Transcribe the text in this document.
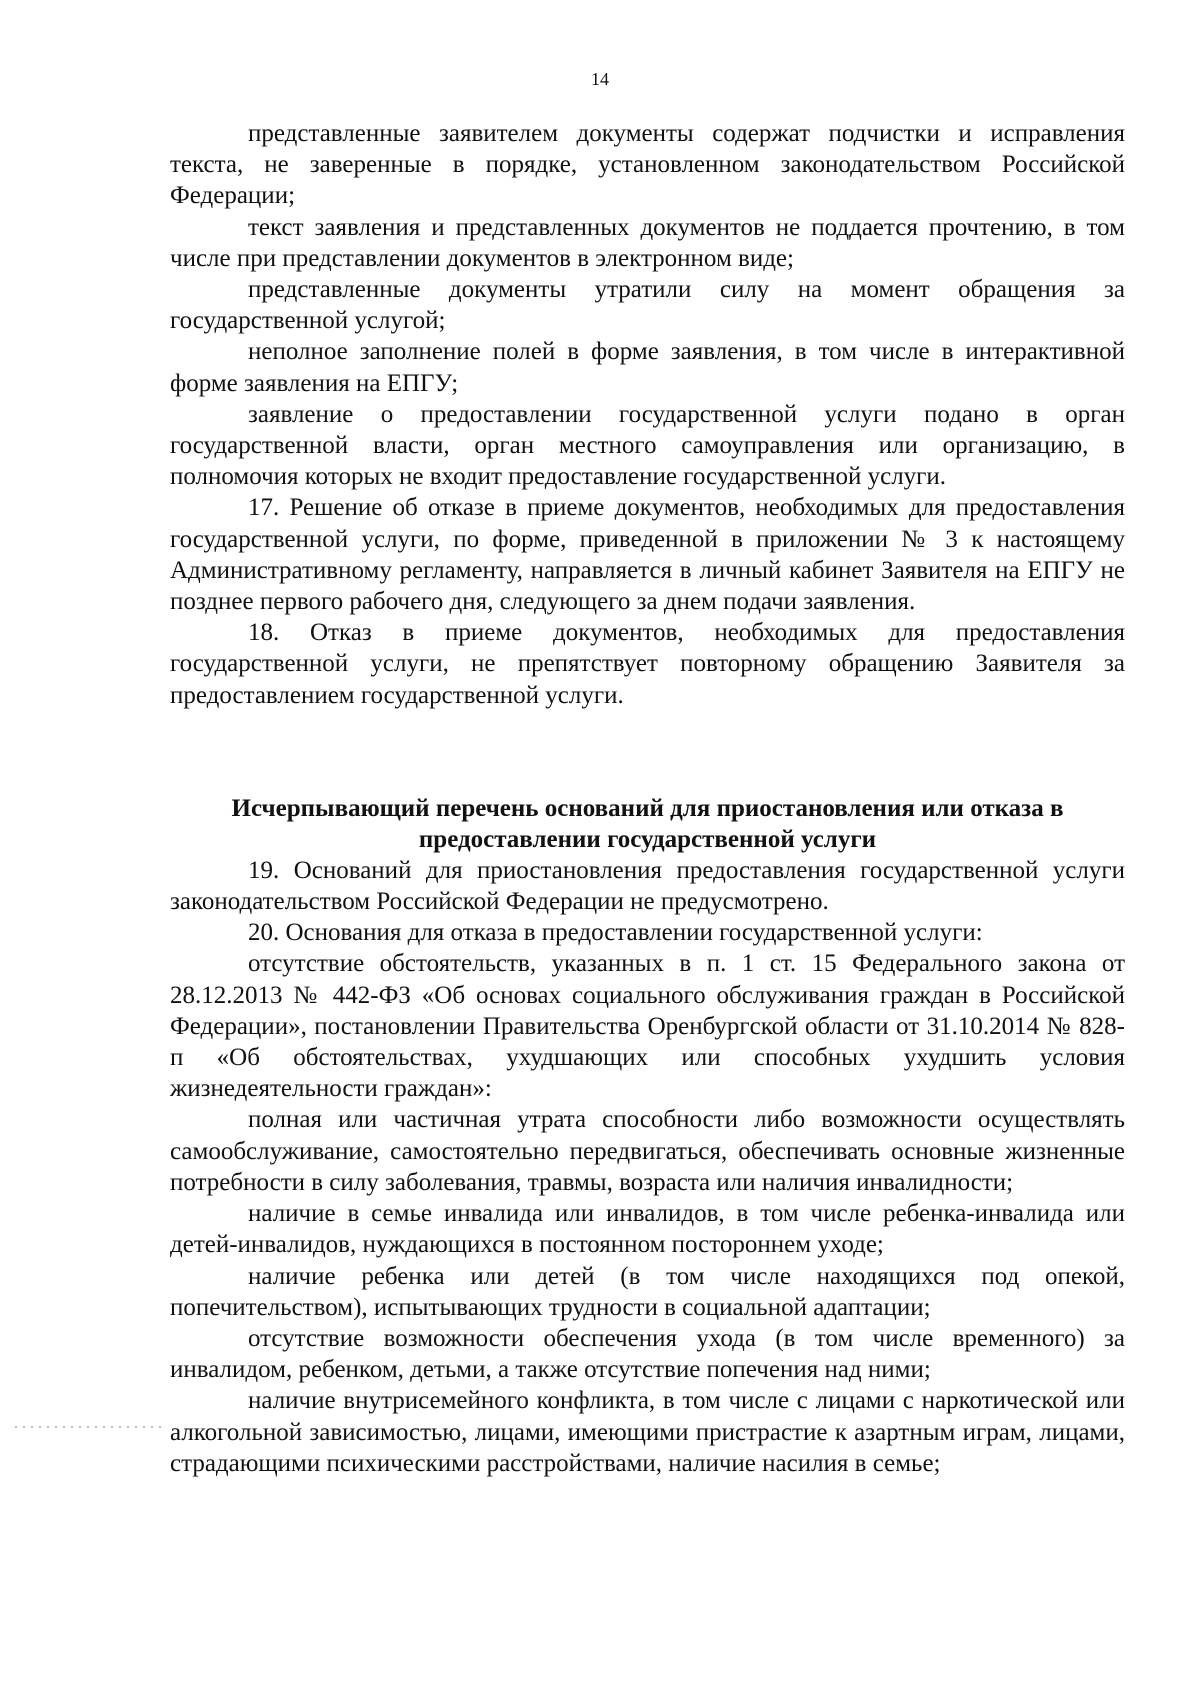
14

представленные заявителем документы содержат подчистки и исправления текста, не заверенные в порядке, установленном законодательством Российской Федерации;

текст заявления и представленных документов не поддается прочтению, в том числе при представлении документов в электронном виде;

представленные документы утратили силу на момент обращения за государственной услугой;

неполное заполнение полей в форме заявления, в том числе в интерактивной форме заявления на ЕПГУ;

заявление о предоставлении государственной услуги подано в орган государственной власти, орган местного самоуправления или организацию, в полномочия которых не входит предоставление государственной услуги.

17. Решение об отказе в приеме документов, необходимых для предоставления государственной услуги, по форме, приведенной в приложении № 3 к настоящему Административному регламенту, направляется в личный кабинет Заявителя на ЕПГУ не позднее первого рабочего дня, следующего за днем подачи заявления.

18. Отказ в приеме документов, необходимых для предоставления государственной услуги, не препятствует повторному обращению Заявителя за предоставлением государственной услуги.

Исчерпывающий перечень оснований для приостановления или отказа в
предоставлении государственной услуги

19. Оснований для приостановления предоставления государственной услуги законодательством Российской Федерации не предусмотрено.

20. Основания для отказа в предоставлении государственной услуги:

отсутствие обстоятельств, указанных в п. 1 ст. 15 Федерального закона от 28.12.2013 № 442-ФЗ «Об основах социального обслуживания граждан в Российской Федерации», постановлении Правительства Оренбургской области от 31.10.2014 № 828-п «Об обстоятельствах, ухудшающих или способных ухудшить условия жизнедеятельности граждан»:

полная или частичная утрата способности либо возможности осуществлять самообслуживание, самостоятельно передвигаться, обеспечивать основные жизненные потребности в силу заболевания, травмы, возраста или наличия инвалидности;

наличие в семье инвалида или инвалидов, в том числе ребенка-инвалида или детей-инвалидов, нуждающихся в постоянном постороннем уходе;

наличие ребенка или детей (в том числе находящихся под опекой, попечительством), испытывающих трудности в социальной адаптации;

отсутствие возможности обеспечения ухода (в том числе временного) за инвалидом, ребенком, детьми, а также отсутствие попечения над ними;

наличие внутрисемейного конфликта, в том числе с лицами с наркотической или алкогольной зависимостью, лицами, имеющими пристрастие к азартным играм, лицами, страдающими психическими расстройствами, наличие насилия в семье;
